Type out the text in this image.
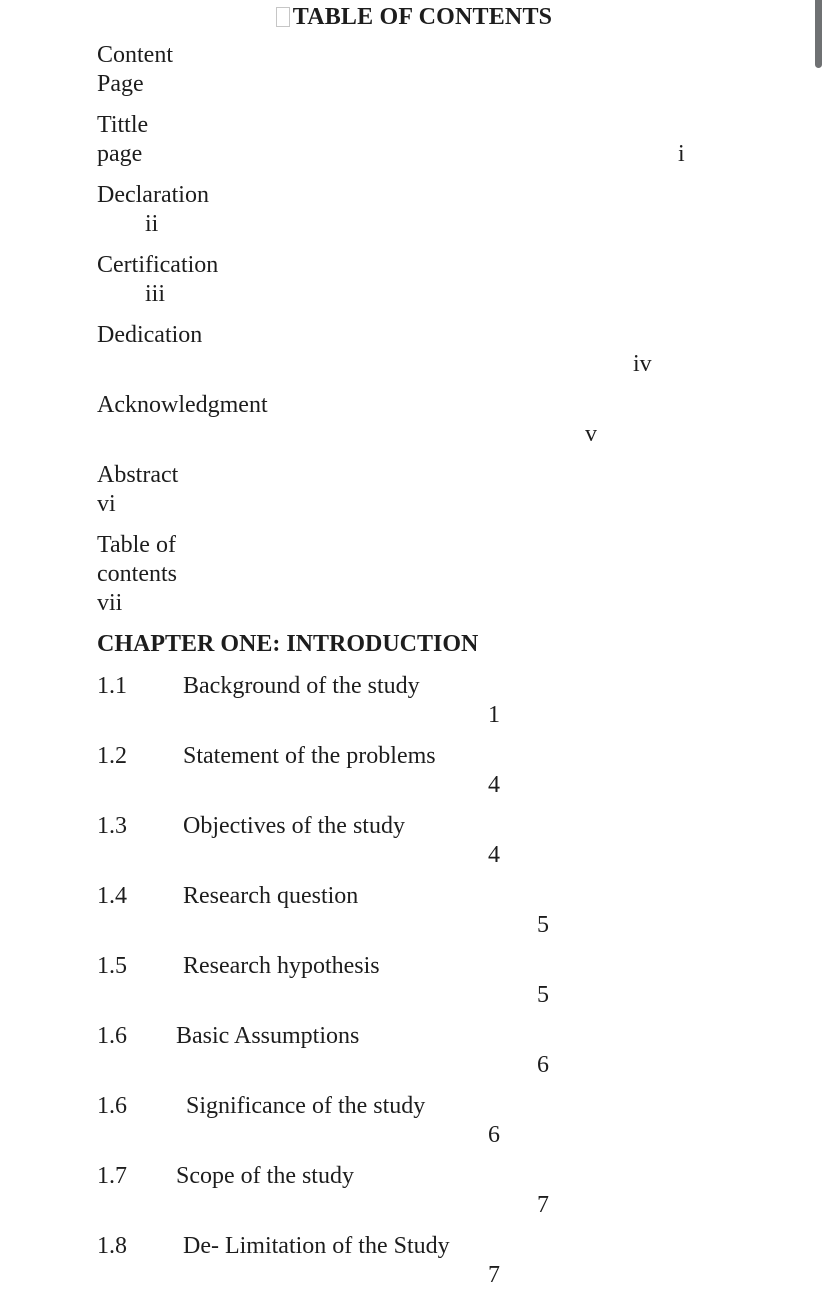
TABLE OF CONTENTS
Content
Page
Tittle
page	i
Declaration
ii
Certification
iii
Dedication
iv
Acknowledgment
v
Abstract
vi
Table of
contents
vii
CHAPTER ONE: INTRODUCTION
1.1	Background of the study
1
1.2	Statement of the problems
4
1.3	Objectives of the study
4
1.4	Research question
5
1.5	Research hypothesis
5
1.6	Basic Assumptions
6
1.6	Significance of the study
6
1.7	Scope of the study
7
1.8	De- Limitation of the Study
7
